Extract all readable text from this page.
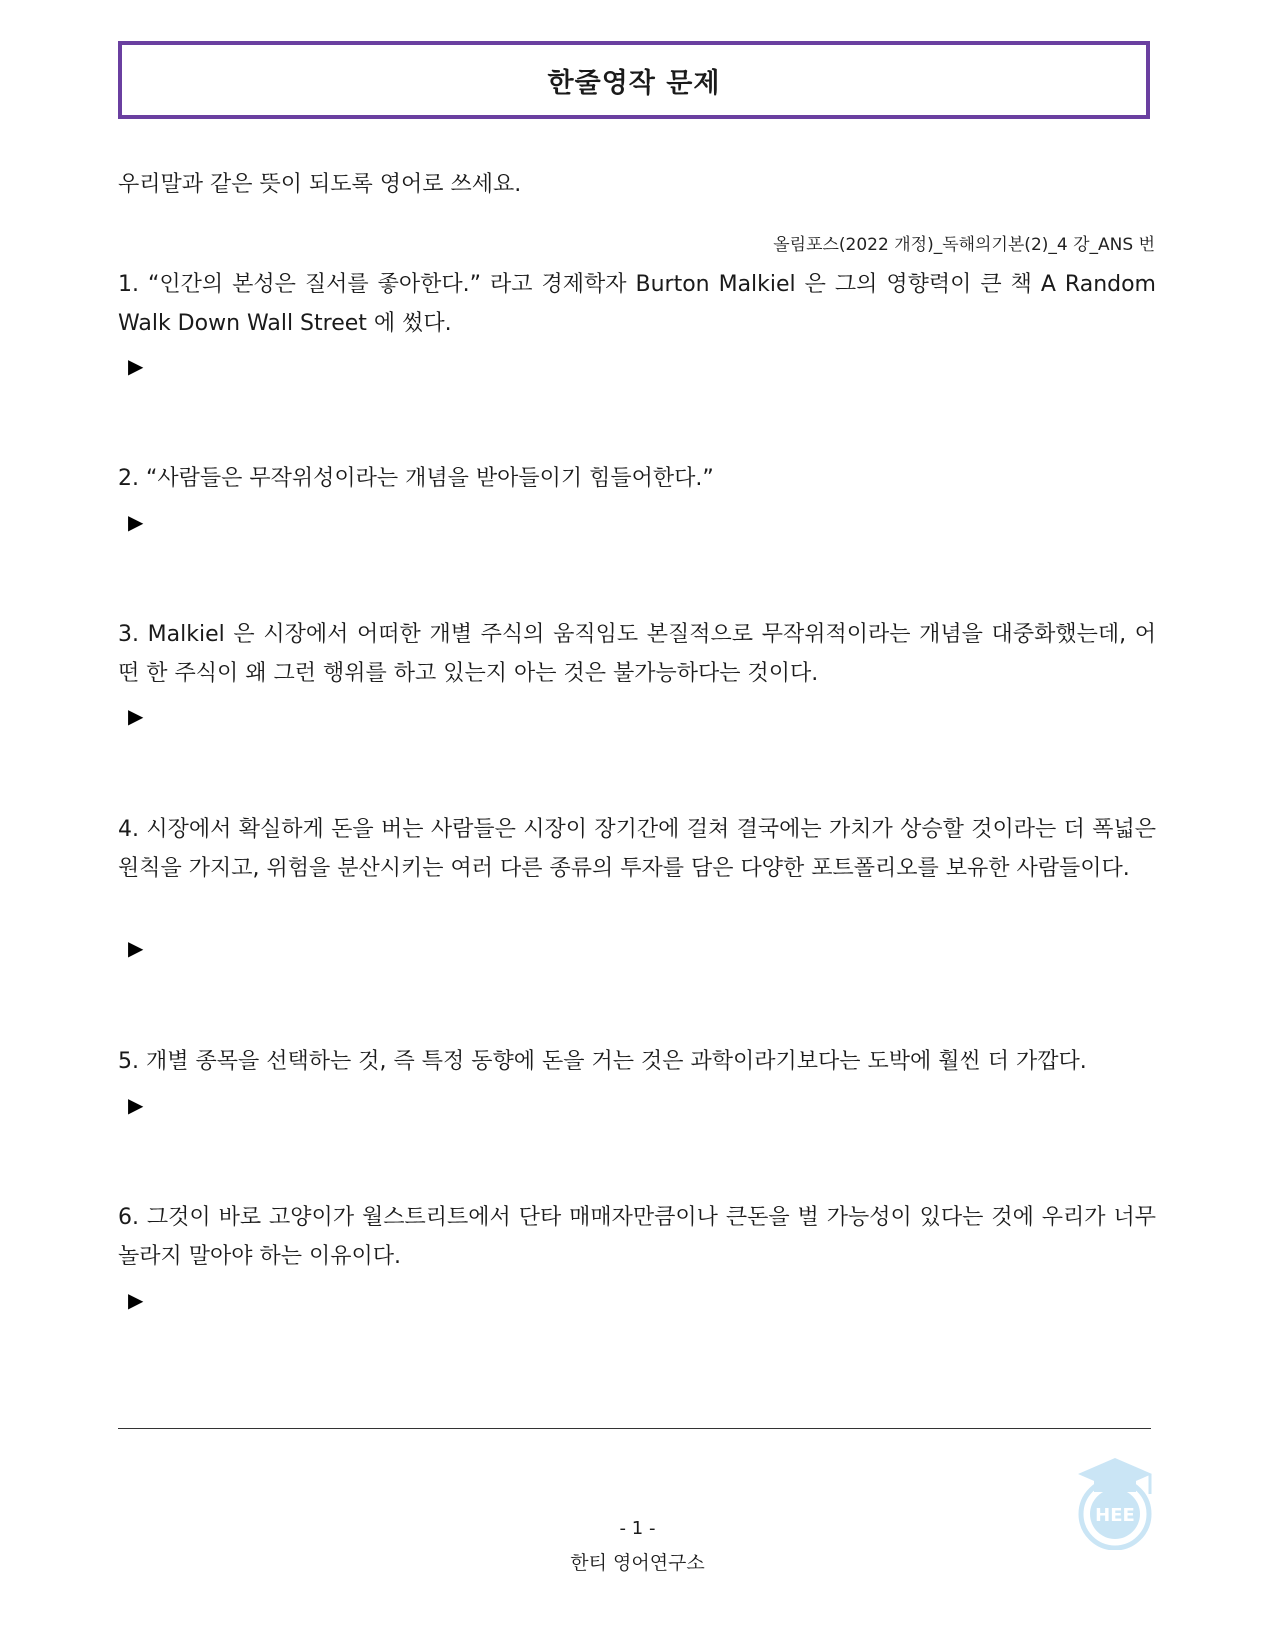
한줄영작 문제
우리말과 같은 뜻이 되도록 영어로 쓰세요.
올림포스(2022 개정)_독해의기본(2)_4 강_ANS 번
1. “인간의 본성은 질서를 좋아한다.” 라고 경제학자 Burton Malkiel 은 그의 영향력이 큰 책 A Random Walk Down Wall Street 에 썼다.
▶
2. “사람들은 무작위성이라는 개념을 받아들이기 힘들어한다.”
▶
3. Malkiel 은 시장에서 어떠한 개별 주식의 움직임도 본질적으로 무작위적이라는 개념을 대중화했는데, 어떤 한 주식이 왜 그런 행위를 하고 있는지 아는 것은 불가능하다는 것이다.
▶
4. 시장에서 확실하게 돈을 버는 사람들은 시장이 장기간에 걸쳐 결국에는 가치가 상승할 것이라는 더 폭넓은 원칙을 가지고, 위험을 분산시키는 여러 다른 종류의 투자를 담은 다양한 포트폴리오를 보유한 사람들이다.
▶
5. 개별 종목을 선택하는 것, 즉 특정 동향에 돈을 거는 것은 과학이라기보다는 도박에 훨씬 더 가깝다.
▶
6. 그것이 바로 고양이가 월스트리트에서 단타 매매자만큼이나 큰돈을 벌 가능성이 있다는 것에 우리가 너무 놀라지 말아야 하는 이유이다.
▶
HEE
- 1 -
한티 영어연구소
